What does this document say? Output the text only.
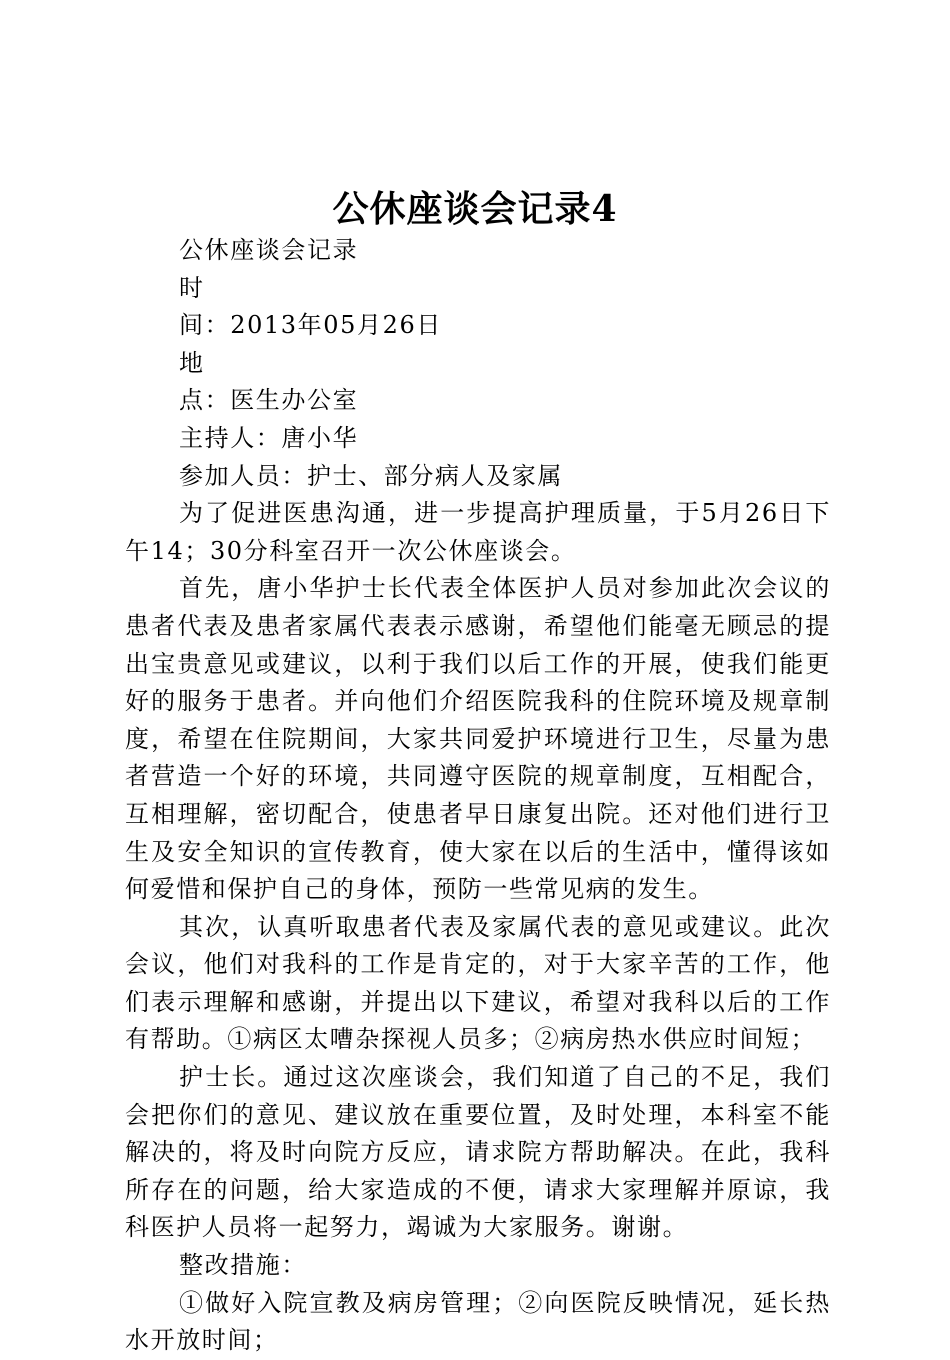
公休座谈会记录4

公休座谈会记录

时

间：2013年05月26日

地

点：医生办公室

主持人：唐小华

参加人员：护士、部分病人及家属

为了促进医患沟通，进一步提高护理质量，于5月26日下午14；30分科室召开一次公休座谈会。

首先，唐小华护士长代表全体医护人员对参加此次会议的患者代表及患者家属代表表示感谢，希望他们能毫无顾忌的提出宝贵意见或建议，以利于我们以后工作的开展，使我们能更好的服务于患者。并向他们介绍医院我科的住院环境及规章制度，希望在住院期间，大家共同爱护环境进行卫生，尽量为患者营造一个好的环境，共同遵守医院的规章制度，互相配合，互相理解，密切配合，使患者早日康复出院。还对他们进行卫生及安全知识的宣传教育，使大家在以后的生活中，懂得该如何爱惜和保护自己的身体，预防一些常见病的发生。

其次，认真听取患者代表及家属代表的意见或建议。此次会议，他们对我科的工作是肯定的，对于大家辛苦的工作，他们表示理解和感谢，并提出以下建议，希望对我科以后的工作有帮助。①病区太嘈杂探视人员多；②病房热水供应时间短；

护士长。通过这次座谈会，我们知道了自己的不足，我们会把你们的意见、建议放在重要位置，及时处理，本科室不能解决的，将及时向院方反应，请求院方帮助解决。在此，我科所存在的问题，给大家造成的不便，请求大家理解并原谅，我科医护人员将一起努力，竭诚为大家服务。谢谢。

整改措施：

①做好入院宣教及病房管理；②向医院反映情况，延长热水开放时间；
